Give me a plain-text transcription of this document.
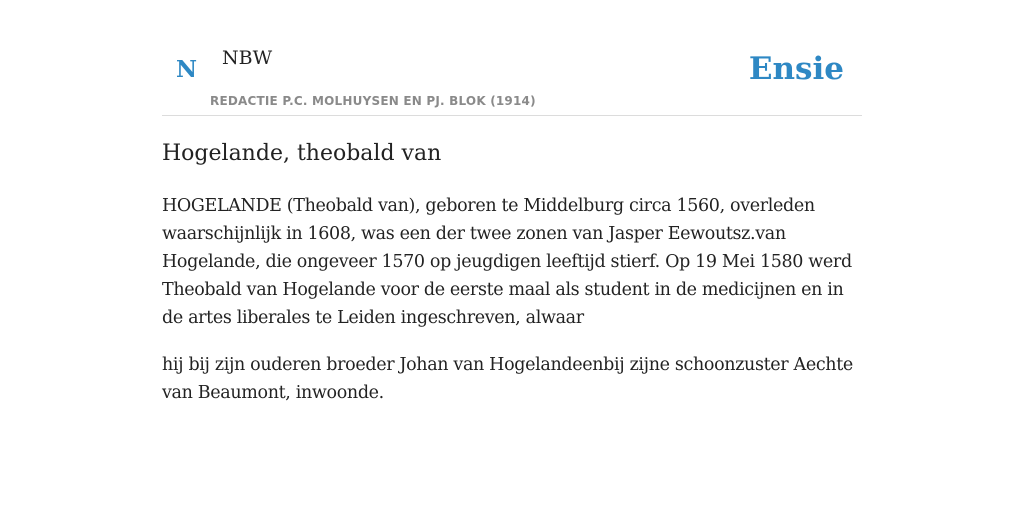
N NBW
REDACTIE P.C. MOLHUYSEN EN PJ. BLOK (1914)
Ensie
Hogelande, theobald van

HOGELANDE (Theobald van), geboren te Middelburg circa 1560, overleden waarschijnlijk in 1608, was een der twee zonen van Jasper Eewoutsz.van Hogelande, die ongeveer 1570 op jeugdigen leeftijd stierf. Op 19 Mei 1580 werd Theobald van Hogelande voor de eerste maal als student in de medicijnen en in de artes liberales te Leiden ingeschreven, alwaar

hij bij zijn ouderen broeder Johan van Hogelandeenbij zijne schoonzuster Aechte van Beaumont, inwoonde.
